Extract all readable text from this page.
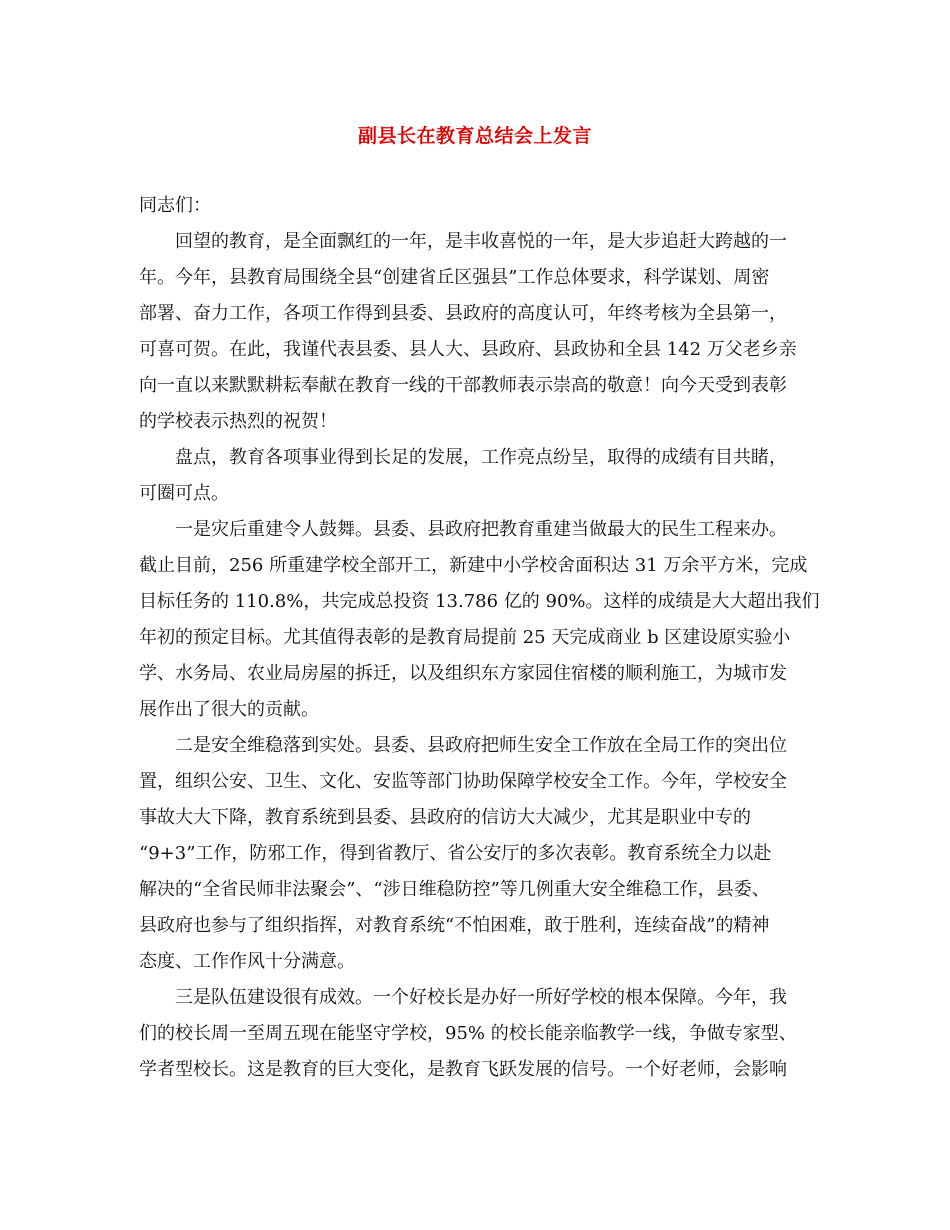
副县长在教育总结会上发言
同志们：
回望的教育，是全面飘红的一年，是丰收喜悦的一年，是大步追赶大跨越的一
年。今年，县教育局围绕全县“创建省丘区强县”工作总体要求，科学谋划、周密
部署、奋力工作，各项工作得到县委、县政府的高度认可，年终考核为全县第一，
可喜可贺。在此，我谨代表县委、县人大、县政府、县政协和全县 142 万父老乡亲
向一直以来默默耕耘奉献在教育一线的干部教师表示崇高的敬意！向今天受到表彰
的学校表示热烈的祝贺！
盘点，教育各项事业得到长足的发展，工作亮点纷呈，取得的成绩有目共睹，
可圈可点。
一是灾后重建令人鼓舞。县委、县政府把教育重建当做最大的民生工程来办。
截止目前，256 所重建学校全部开工，新建中小学校舍面积达 31 万余平方米，完成
目标任务的 110.8%，共完成总投资 13.786 亿的 90%。这样的成绩是大大超出我们
年初的预定目标。尤其值得表彰的是教育局提前 25 天完成商业 b 区建设原实验小
学、水务局、农业局房屋的拆迁，以及组织东方家园住宿楼的顺利施工，为城市发
展作出了很大的贡献。
二是安全维稳落到实处。县委、县政府把师生安全工作放在全局工作的突出位
置，组织公安、卫生、文化、安监等部门协助保障学校安全工作。今年，学校安全
事故大大下降，教育系统到县委、县政府的信访大大减少，尤其是职业中专的
“9+3”工作，防邪工作，得到省教厅、省公安厅的多次表彰。教育系统全力以赴
解决的“全省民师非法聚会”、“涉日维稳防控”等几例重大安全维稳工作，县委、
县政府也参与了组织指挥，对教育系统“不怕困难，敢于胜利，连续奋战”的精神
态度、工作作风十分满意。
三是队伍建设很有成效。一个好校长是办好一所好学校的根本保障。今年，我
们的校长周一至周五现在能坚守学校，95% 的校长能亲临教学一线，争做专家型、
学者型校长。这是教育的巨大变化，是教育飞跃发展的信号。一个好老师，会影响
